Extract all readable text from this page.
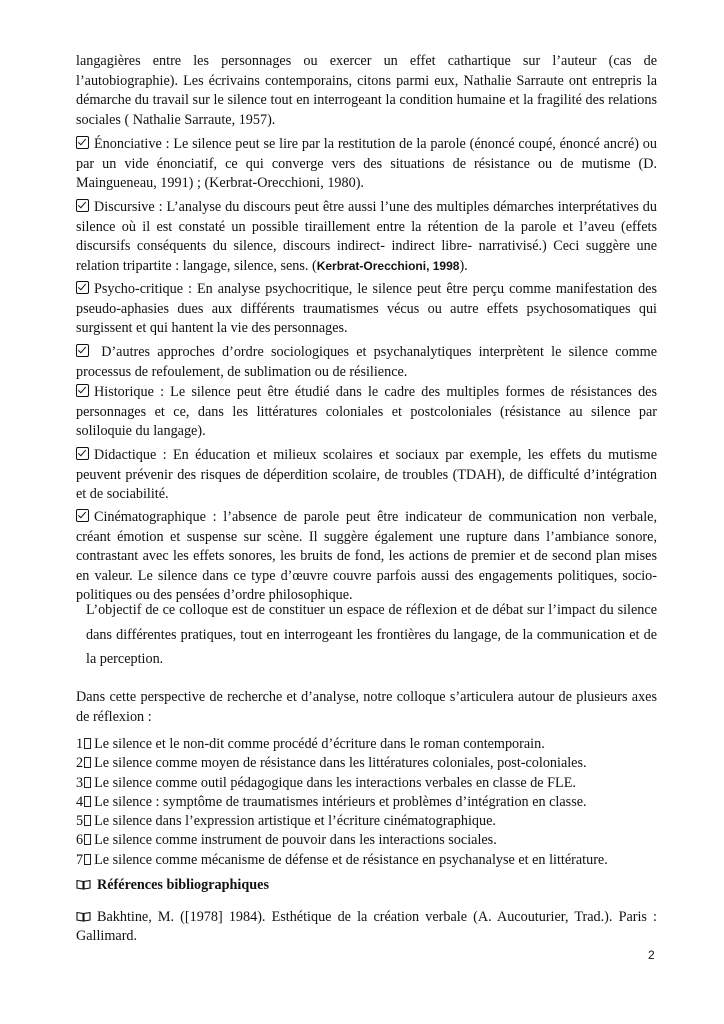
langagières entre les personnages ou exercer un effet cathartique sur l’auteur (cas de l’autobiographie). Les écrivains contemporains, citons parmi eux, Nathalie Sarraute ont entrepris la démarche du travail sur le silence tout en interrogeant la condition humaine et la fragilité des relations sociales ( Nathalie Sarraute, 1957).

Énonciative : Le silence peut se lire par la restitution de la parole (énoncé coupé, énoncé ancré) ou par un vide énonciatif, ce qui converge vers des situations de résistance ou de mutisme (D. Maingueneau, 1991) ; (Kerbrat-Orecchioni, 1980).

Discursive : L’analyse du discours peut être aussi l’une des multiples démarches interprétatives du silence où il est constaté un possible tiraillement entre la rétention de la parole et l’aveu (effets discursifs conséquents du silence, discours indirect- indirect libre- narrativisé.) Ceci suggère une relation tripartite : langage, silence, sens. (Kerbrat-Orecchioni, 1998).

Psycho-critique : En analyse psychocritique, le silence peut être perçu comme manifestation des pseudo-aphasies dues aux différents traumatismes vécus ou autre effets psychosomatiques qui surgissent et qui hantent la vie des personnages.

D’autres approches d’ordre sociologiques et psychanalytiques interprètent le silence comme processus de refoulement, de sublimation ou de résilience.

Historique : Le silence peut être étudié dans le cadre des multiples formes de résistances des personnages et ce, dans les littératures coloniales et postcoloniales (résistance au silence par soliloquie du langage).

Didactique : En éducation et milieux scolaires et sociaux par exemple, les effets du mutisme peuvent prévenir des risques de déperdition scolaire, de troubles (TDAH), de difficulté d’intégration et de sociabilité.

Cinématographique : l’absence de parole peut être indicateur de communication non verbale, créant émotion et suspense sur scène. Il suggère également une rupture dans l’ambiance sonore, contrastant avec les effets sonores, les bruits de fond, les actions de premier et de second plan mises en valeur. Le silence dans ce type d’œuvre couvre parfois aussi des engagements politiques, socio-politiques ou des pensées d’ordre philosophique.

L’objectif de ce colloque est de constituer un espace de réflexion et de débat sur l’impact du silence dans différentes pratiques, tout en interrogeant les frontières du langage, de la communication et de la perception.

Dans cette perspective de recherche et d’analyse, notre colloque s’articulera autour de plusieurs axes de réflexion :

1 Le silence et le non-dit comme procédé d’écriture dans le roman contemporain.
2 Le silence comme moyen de résistance dans les littératures coloniales, post-coloniales.
3 Le silence comme outil pédagogique dans les interactions verbales en classe de FLE.
4 Le silence : symptôme de traumatismes intérieurs et problèmes d’intégration en classe.
5 Le silence dans l’expression artistique et l’écriture cinématographique.
6 Le silence comme instrument de pouvoir dans les interactions sociales.
7 Le silence comme mécanisme de défense et de résistance en psychanalyse et en littérature.
Références bibliographiques
Bakhtine, M. ([1978] 1984). Esthétique de la création verbale (A. Aucouturier, Trad.). Paris : Gallimard.
2
